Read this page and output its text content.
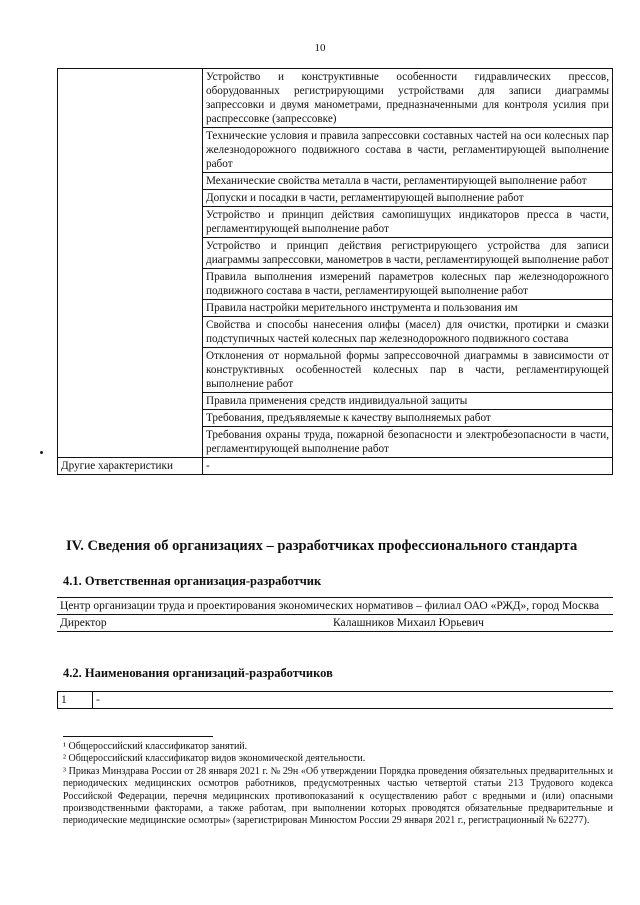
10
	Устройство и конструктивные особенности гидравлических прессов, оборудованных регистрирующими устройствами для записи диаграммы запрессовки и двумя манометрами, предназначенными для контроля усилия при распрессовке (запрессовке)
	Технические условия и правила запрессовки составных частей на оси колесных пар железнодорожного подвижного состава в части, регламентирующей выполнение работ
	Механические свойства металла в части, регламентирующей выполнение работ
	Допуски и посадки в части, регламентирующей выполнение работ
	Устройство и принцип действия самопишущих индикаторов пресса в части, регламентирующей выполнение работ
	Устройство и принцип действия регистрирующего устройства для записи диаграммы запрессовки, манометров в части, регламентирующей выполнение работ
	Правила выполнения измерений параметров колесных пар железнодорожного подвижного состава в части, регламентирующей выполнение работ
	Правила настройки мерительного инструмента и пользования им
	Свойства и способы нанесения олифы (масел) для очистки, протирки и смазки подступичных частей колесных пар железнодорожного подвижного состава
	Отклонения от нормальной формы запрессовочной диаграммы в зависимости от конструктивных особенностей колесных пар в части, регламентирующей выполнение работ
	Правила применения средств индивидуальной защиты
	Требования, предъявляемые к качеству выполняемых работ
	Требования охраны труда, пожарной безопасности и электробезопасности в части, регламентирующей выполнение работ
Другие характеристики	-
IV. Сведения об организациях – разработчиках профессионального стандарта
4.1. Ответственная организация-разработчик
Центр организации труда и проектирования экономических нормативов – филиал ОАО «РЖД», город Москва
Директор	Калашников Михаил Юрьевич
4.2. Наименования организаций-разработчиков
1	-

¹ Общероссийский классификатор занятий.

² Общероссийский классификатор видов экономической деятельности.

³ Приказ Минздрава России от 28 января 2021 г. № 29н «Об утверждении Порядка проведения обязательных предварительных и периодических медицинских осмотров работников, предусмотренных частью четвертой статьи 213 Трудового кодекса Российской Федерации, перечня медицинских противопоказаний к осуществлению работ с вредными и (или) опасными производственными факторами, а также работам, при выполнении которых проводятся обязательные предварительные и периодические медицинские осмотры» (зарегистрирован Минюстом России 29 января 2021 г., регистрационный № 62277).
